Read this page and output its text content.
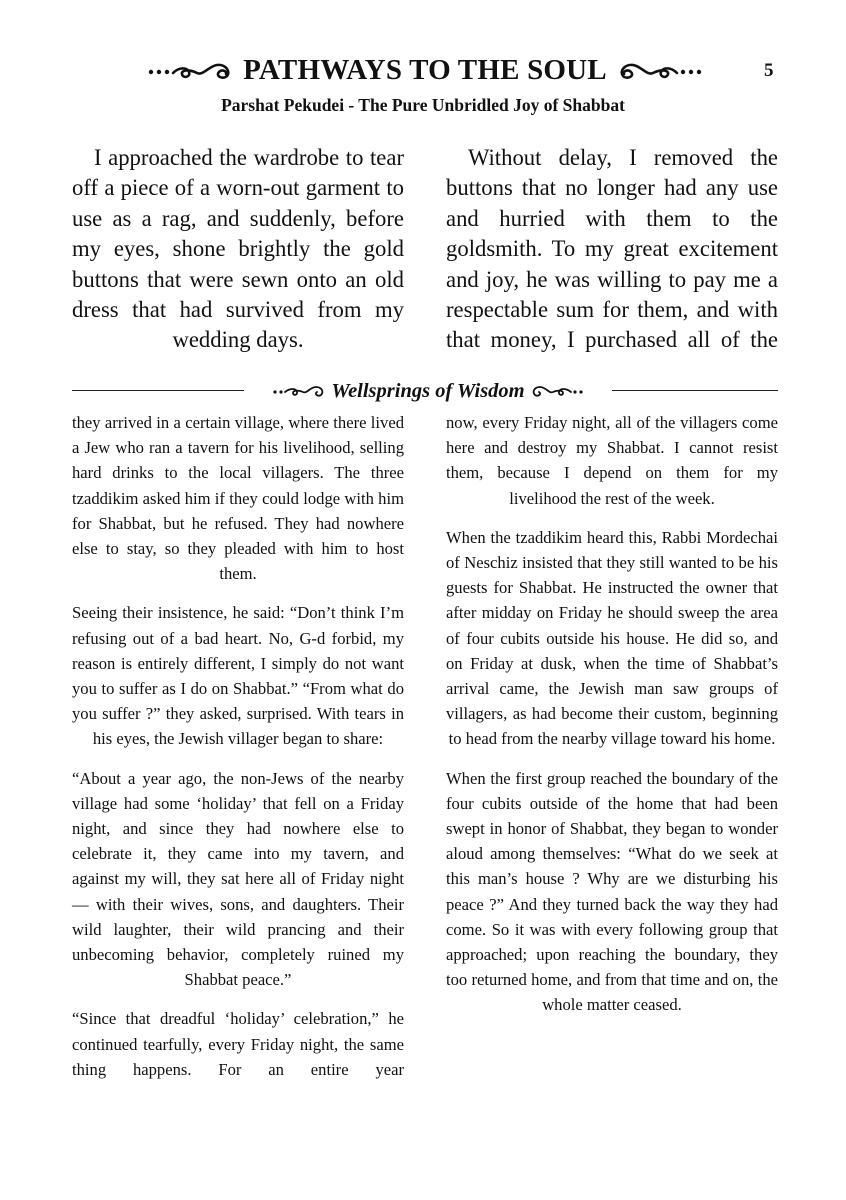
PATHWAYS TO THE SOUL	5
Parshat Pekudei - The Pure Unbridled Joy of Shabbat

I approached the wardrobe to tear off a piece of a worn-out garment to use as a rag, and suddenly, before my eyes, shone brightly the gold buttons that were sewn onto an old dress that had survived from my wedding days.

Without delay, I removed the buttons that no longer had any use and hurried with them to the goldsmith. To my great excitement and joy, he was willing to pay me a respectable sum for them, and with that money, I purchased all of the

Wellsprings of Wisdom

they arrived in a certain village, where there lived a Jew who ran a tavern for his livelihood, selling hard drinks to the local villagers. The three tzaddikim asked him if they could lodge with him for Shabbat, but he refused. They had nowhere else to stay, so they pleaded with him to host them.

Seeing their insistence, he said: “Don’t think I’m refusing out of a bad heart. No, G-d forbid, my reason is entirely different, I simply do not want you to suffer as I do on Shabbat.” “From what do you suffer ?” they asked, surprised. With tears in his eyes, the Jewish villager began to share:

“About a year ago, the non-Jews of the nearby village had some ‘holiday’ that fell on a Friday night, and since they had nowhere else to celebrate it, they came into my tavern, and against my will, they sat here all of Friday night — with their wives, sons, and daughters. Their wild laughter, their wild prancing and their unbecoming behavior, completely ruined my Shabbat peace.”

“Since that dreadful ‘holiday’ celebration,” he continued tearfully, every Friday night, the same thing happens. For an entire year

now, every Friday night, all of the villagers come here and destroy my Shabbat. I cannot resist them, because I depend on them for my livelihood the rest of the week.

When the tzaddikim heard this, Rabbi Mordechai of Neschiz insisted that they still wanted to be his guests for Shabbat. He instructed the owner that after midday on Friday he should sweep the area of four cubits outside his house. He did so, and on Friday at dusk, when the time of Shabbat’s arrival came, the Jewish man saw groups of villagers, as had become their custom, beginning to head from the nearby village toward his home.

When the first group reached the boundary of the four cubits outside of the home that had been swept in honor of Shabbat, they began to wonder aloud among themselves: “What do we seek at this man’s house ? Why are we disturbing his peace ?” And they turned back the way they had come. So it was with every following group that approached; upon reaching the boundary, they too returned home, and from that time and on, the whole matter ceased.
